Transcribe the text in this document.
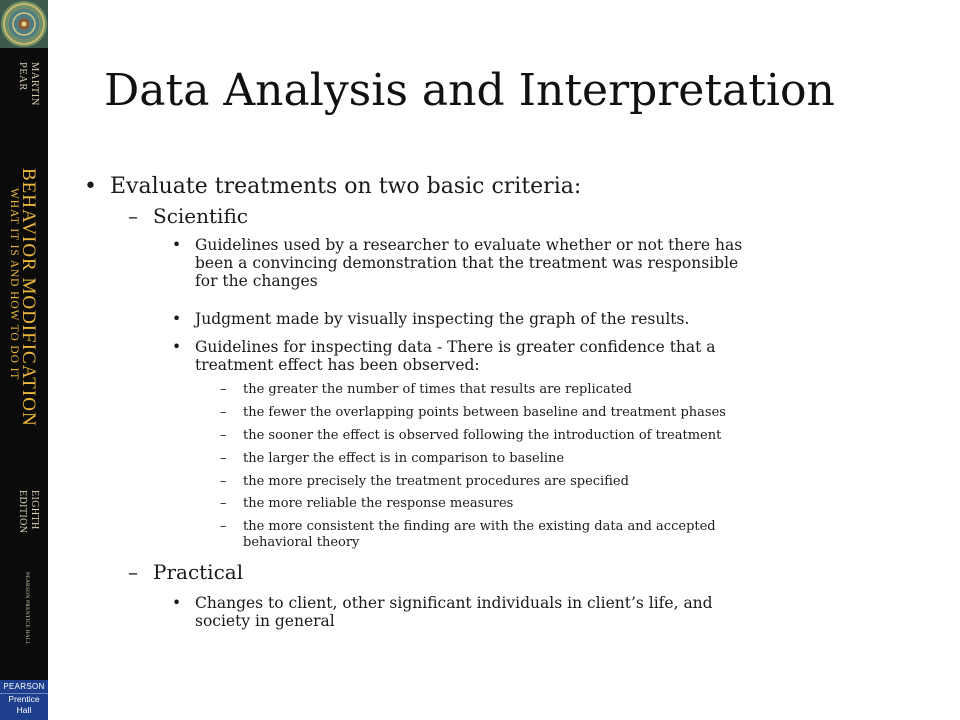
MARTIN
PEAR
BEHAVIOR MODIFICATION
WHAT IT IS AND HOW TO DO IT
EIGHTH
EDITION
PEARSON PRENTICE HALL
PEARSON
Prentice
Hall
Data Analysis and Interpretation
• Evaluate treatments on two basic criteria:
– Scientific
• Guidelines used by a researcher to evaluate whether or not there has
been a convincing demonstration that the treatment was responsible
for the changes
• Judgment made by visually inspecting the graph of the results.
• Guidelines for inspecting data - There is greater confidence that a
treatment effect has been observed:
– the greater the number of times that results are replicated
– the fewer the overlapping points between baseline and treatment phases
– the sooner the effect is observed following the introduction of treatment
– the larger the effect is in comparison to baseline
– the more precisely the treatment procedures are specified
– the more reliable the response measures
– the more consistent the finding are with the existing data and accepted
behavioral theory
– Practical
• Changes to client, other significant individuals in client’s life, and
society in general
